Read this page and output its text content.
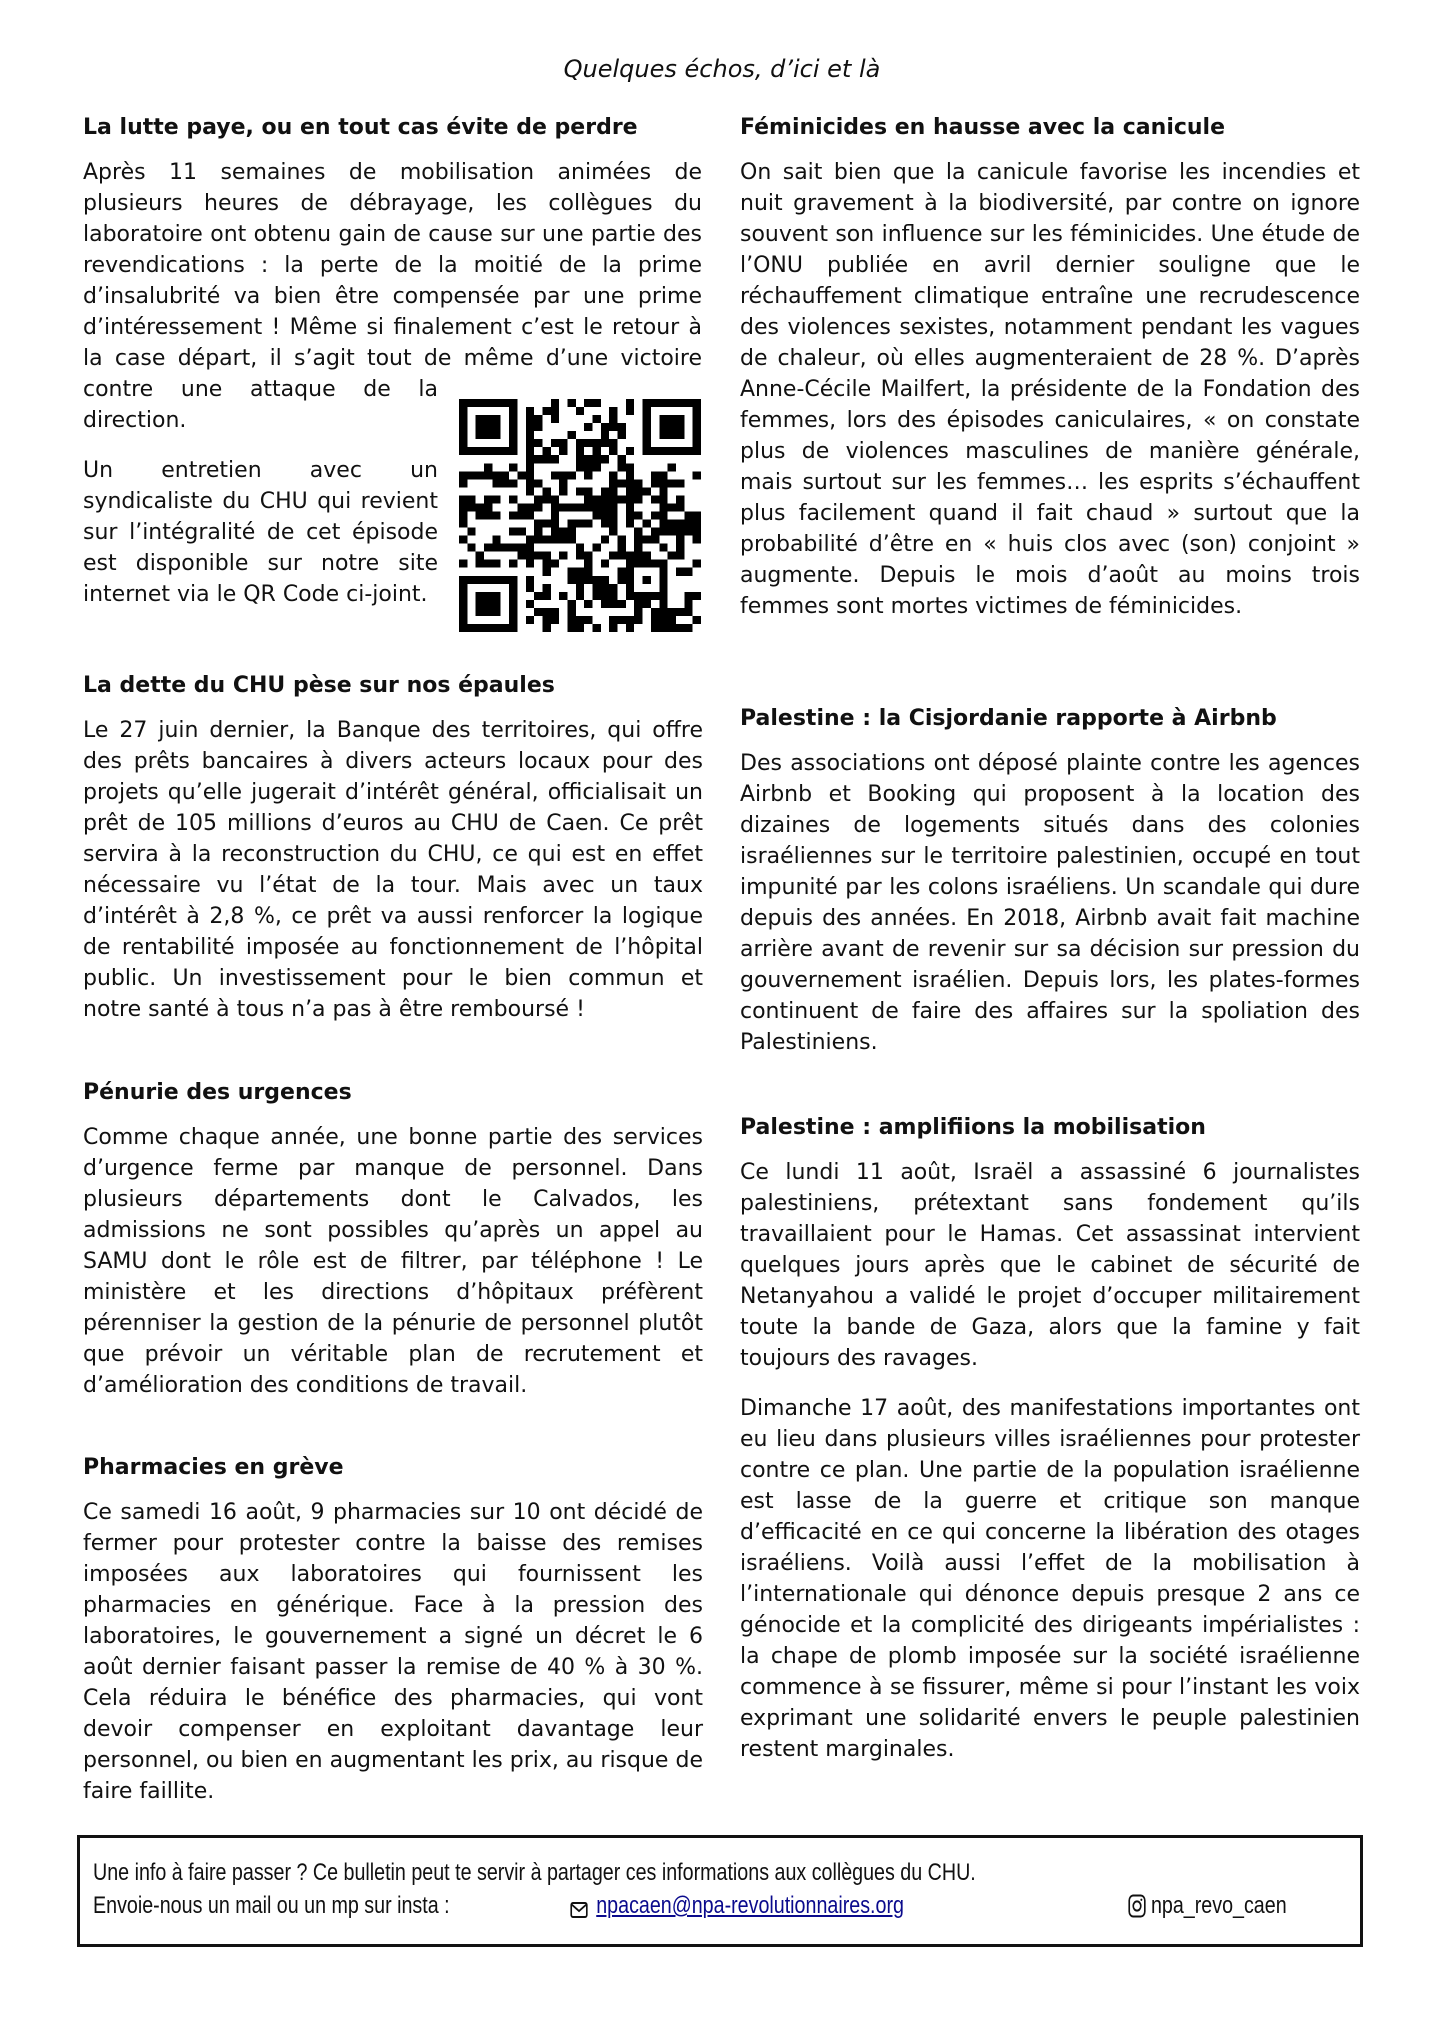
Quelques échos, d’ici et là
La lutte paye, ou en tout cas évite de perdre

Après 11 semaines de mobilisation animées de plusieurs heures de débrayage, les collègues du laboratoire ont obtenu gain de cause sur une partie des revendications : la perte de la moitié de la prime d’insalubrité va bien être compensée par une prime d’intéressement ! Même si finalement c’est le retour à la case départ, il s’agit tout de même d’une victoire contre une attaque de la direction.

Un entretien avec un syndicaliste du CHU qui revient sur l’intégralité de cet épisode est disponible sur notre site internet via le QR Code ci-joint.

La dette du CHU pèse sur nos épaules

Le 27 juin dernier, la Banque des territoires, qui offre des prêts bancaires à divers acteurs locaux pour des projets qu’elle jugerait d’intérêt général, officialisait un prêt de 105 millions d’euros au CHU de Caen. Ce prêt servira à la reconstruction du CHU, ce qui est en effet nécessaire vu l’état de la tour. Mais avec un taux d’intérêt à 2,8 %, ce prêt va aussi renforcer la logique de rentabilité imposée au fonctionnement de l’hôpital public. Un investissement pour le bien commun et notre santé à tous n’a pas à être remboursé !

Pénurie des urgences

Comme chaque année, une bonne partie des services d’urgence ferme par manque de personnel. Dans plusieurs départements dont le Calvados, les admissions ne sont possibles qu’après un appel au SAMU dont le rôle est de filtrer, par téléphone ! Le ministère et les directions d’hôpitaux préfèrent pérenniser la gestion de la pénurie de personnel plutôt que prévoir un véritable plan de recrutement et d’amélioration des conditions de travail.

Pharmacies en grève

Ce samedi 16 août, 9 pharmacies sur 10 ont décidé de fermer pour protester contre la baisse des remises imposées aux laboratoires qui fournissent les pharmacies en générique. Face à la pression des laboratoires, le gouvernement a signé un décret le 6 août dernier faisant passer la remise de 40 % à 30 %. Cela réduira le bénéfice des pharmacies, qui vont devoir compenser en exploitant davantage leur personnel, ou bien en augmentant les prix, au risque de faire faillite.

Féminicides en hausse avec la canicule

On sait bien que la canicule favorise les incendies et nuit gravement à la biodiversité, par contre on ignore souvent son influence sur les féminicides. Une étude de l’ONU publiée en avril dernier souligne que le réchauffement climatique entraîne une recrudescence des violences sexistes, notamment pendant les vagues de chaleur, où elles augmenteraient de 28 %. D’après Anne-Cécile Mailfert, la présidente de la Fondation des femmes, lors des épisodes caniculaires, « on constate plus de violences masculines de manière générale, mais surtout sur les femmes… les esprits s’échauffent plus facilement quand il fait chaud » surtout que la probabilité d’être en « huis clos avec (son) conjoint » augmente. Depuis le mois d’août au moins trois femmes sont mortes victimes de féminicides.

Palestine : la Cisjordanie rapporte à Airbnb

Des associations ont déposé plainte contre les agences Airbnb et Booking qui proposent à la location des dizaines de logements situés dans des colonies israéliennes sur le territoire palestinien, occupé en tout impunité par les colons israéliens. Un scandale qui dure depuis des années. En 2018, Airbnb avait fait machine arrière avant de revenir sur sa décision sur pression du gouvernement israélien. Depuis lors, les plates-formes continuent de faire des affaires sur la spoliation des Palestiniens.

Palestine : amplifiions la mobilisation

Ce lundi 11 août, Israël a assassiné 6 journalistes palestiniens, prétextant sans fondement qu’ils travaillaient pour le Hamas. Cet assassinat intervient quelques jours après que le cabinet de sécurité de Netanyahou a validé le projet d’occuper militairement toute la bande de Gaza, alors que la famine y fait toujours des ravages.

Dimanche 17 août, des manifestations importantes ont eu lieu dans plusieurs villes israéliennes pour protester contre ce plan. Une partie de la population israélienne est lasse de la guerre et critique son manque d’efficacité en ce qui concerne la libération des otages israéliens. Voilà aussi l’effet de la mobilisation à l’internationale qui dénonce depuis presque 2 ans ce génocide et la complicité des dirigeants impérialistes : la chape de plomb imposée sur la société israélienne commence à se fissurer, même si pour l’instant les voix exprimant une solidarité envers le peuple palestinien restent marginales.

Une info à faire passer ? Ce bulletin peut te servir à partager ces informations aux collègues du CHU.
Envoie-nous un mail ou un mp sur insta :	npacaen@npa-revolutionnaires.org	npa_revo_caen
